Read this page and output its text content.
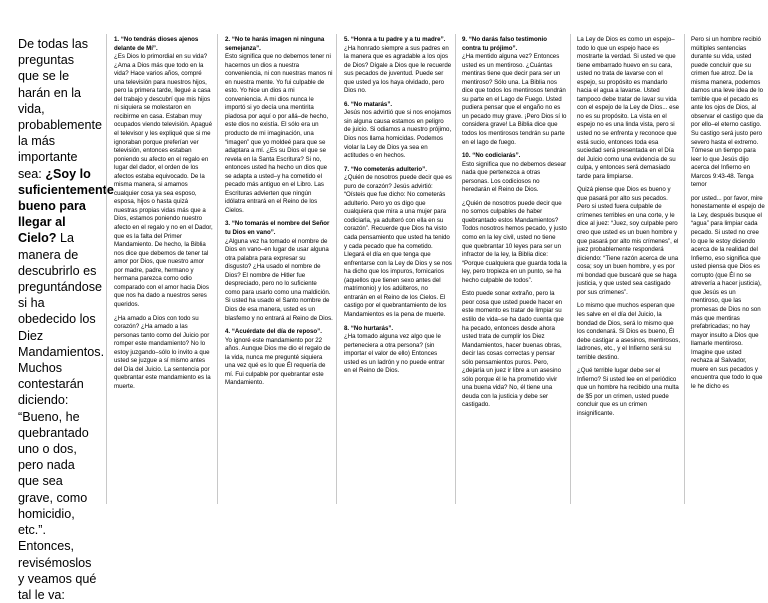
De todas las preguntas que se le harán en la vida, probablemente la más importante sea: ¿Soy lo suficientemente bueno para llegar al Cielo? La manera de descubrirlo es preguntándose si ha obedecido los Diez Mandamientos. Muchos contestarán diciendo: “Bueno, he quebrantado uno o dos, pero nada que sea grave, como homicidio, etc.”. Entonces, revisémoslos y veamos qué tal le va:
1. “No tendrás dioses ajenos delante de Mí”.

¿Es Dios lo primordial en su vida? ¿Ama a Dios más que todo en la vida? Hace varios años, compré una televisión para nuestros hijos, pero la primera tarde, llegué a casa del trabajo y descubrí que mis hijos ni siquiera se molestaron en recibirme en casa. Estaban muy ocupados viendo televisión. Apagué el televisor y les expliqué que si me ignoraban porque preferían ver televisión, entonces estaban poniendo su afecto en el regalo en lugar del dador, el orden de los afectos estaba equivocado. De la misma manera, si amamos cualquier cosa ya sea esposo, esposa, hijos o hasta quizá nuestras propias vidas más que a Dios, estamos poniendo nuestro afecto en el regalo y no en el Dador, que es la falta del Primer Mandamiento. De hecho, la Biblia nos dice que debemos de tener tal amor por Dios, que nuestro amor por madre, padre, hermano y hermana parezca como odio comparado con el amor hacia Dios que nos ha dado a nuestros seres queridos.

¿Ha amado a Dios con todo su corazón? ¿Ha amado a las personas tanto como del Juicio por romper este mandamiento? No lo estoy juzgando–sólo lo invito a que usted se juzgue a sí mismo antes del Día del Juicio. La sentencia por quebrantar este mandamiento es la muerte.

2. “No te harás imagen ni ninguna semejanza”.

Esto significa que no debemos tener ni hacernos un dios a nuestra conveniencia, ni con nuestras manos ni en nuestra mente. Yo fui culpable de esto. Yo hice un dios a mi conveniencia. A mi dios nunca le importó si yo decía una mentirita piadosa por aquí o por allá–de hecho, este dios no existía. El sólo era un producto de mi imaginación, una “imagen” que yo moldeé para que se adaptara a mí. ¿Es su Dios el que se revela en la Santa Escritura? Si no, entonces usted ha hecho un dios que se adapta a usted–y ha cometido el pecado más antiguo en el Libro. Las Escrituras advierten que ningún idólatra entrará en el Reino de los Cielos.

3. “No tomarás el nombre del Señor tu Dios en vano”.

¿Alguna vez ha tomado el nombre de Dios en vano–en lugar de usar alguna otra palabra para expresar su disgusto? ¿Ha usado el nombre de Dios? El nombre de Hitler fue despreciado, pero no lo suficiente como para usarlo como una maldición. Si usted ha usado el Santo nombre de Dios de esa manera, usted es un blasfemo y no entrará al Reino de Dios.

4. “Acuérdate del día de reposo”.

Yo ignoré este mandamiento por 22 años. Aunque Dios me dio el regalo de la vida, nunca me pregunté siquiera una vez qué es lo que Él requería de mí. Fui culpable por quebrantar este Mandamiento.

5. “Honra a tu padre y a tu madre”.

¿Ha honrado siempre a sus padres en la manera que es agradable a los ojos de Dios? Dígale a Dios que le recuerde sus pecados de juventud. Puede ser que usted ya los haya olvidado, pero Dios no.

6. “No matarás”.

Jesús nos advirtió que si nos enojamos sin alguna causa estamos en peligro de juicio. Si odiamos a nuestro prójimo, Dios nos llama homicidas. Podemos violar la Ley de Dios ya sea en actitudes o en hechos.

7. “No cometerás adulterio”.

¿Quién de nosotros puede decir que es puro de corazón? Jesús advirtió: “Oísteis que fue dicho: No cometerás adulterio. Pero yo os digo que cualquiera que mira a una mujer para codiciarla, ya adulteró con ella en su corazón”. Recuerde que Dios ha visto cada pensamiento que usted ha tenido y cada pecado que ha cometido. Llegará el día en que tenga que enfrentarse con la Ley de Dios y se nos ha dicho que los impuros, fornicarios (aquellos que tienen sexo antes del matrimonio) y los adúlteros, no entrarán en el Reino de los Cielos. El castigo por el quebrantamiento de los Mandamientos es la pena de muerte.

8. “No hurtarás”.

¿Ha tomado alguna vez algo que le perteneciera a otra persona? (sin importar el valor de ello) Entonces usted es un ladrón y no puede entrar en el Reino de Dios.

9. “No darás falso testimonio contra tu prójimo”.

¿Ha mentido alguna vez? Entonces usted es un mentiroso. ¿Cuántas mentiras tiene que decir para ser un mentiroso? Sólo una. La Biblia nos dice que todos los mentirosos tendrán su parte en el Lago de Fuego. Usted pudiera pensar que el engaño no es un pecado muy grave. ¡Pero Dios sí lo considera grave! La Biblia dice que todos los mentirosos tendrán su parte en el lago de fuego.

10. “No codiciarás”.

Esto significa que no debemos desear nada que pertenezca a otras personas. Los codiciosos no heredarán el Reino de Dios.

¿Quién de nosotros puede decir que no somos culpables de haber quebrantado estos Mandamientos? Todos nosotros hemos pecado, y justo como en la ley civil, usted no tiene que quebrantar 10 leyes para ser un infractor de la ley, la Biblia dice: “Porque cualquiera que guarda toda la ley, pero tropieza en un punto, se ha hecho culpable de todos”.

Esto puede sonar extraño, pero la peor cosa que usted puede hacer en este momento es tratar de limpiar su estilo de vida–se ha dado cuenta que ha pecado, entonces desde ahora usted trata de cumplir los Diez Mandamientos, hacer buenas obras, decir las cosas correctas y pensar sólo pensamientos puros. Pero, ¿dejaría un juez ir libre a un asesino sólo porque él le ha prometido vivir una buena vida? No, él tiene una deuda con la justicia y debe ser castigado.

La Ley de Dios es como un espejo–todo lo que un espejo hace es mostrarte la verdad. Si usted ve que tiene embarrado huevo en su cara, usted no trata de lavarse con el espejo, su propósito es mandarlo hacia el agua a lavarse. Usted tampoco debe tratar de lavar su vida con el espejo de la Ley de Dios... ese no es su propósito. La vista en el espejo no es una linda vista, pero si usted no se enfrenta y reconoce que está sucio, entonces toda esa suciedad será presentada en el Día del Juicio como una evidencia de su culpa, y entonces será demasiado tarde para limpiarse.

Quizá piense que Dios es bueno y que pasará por alto sus pecados. Pero si usted fuera culpable de crímenes terribles en una corte, y le dice al juez: “Juez, soy culpable pero creo que usted es un buen hombre y que pasará por alto mis crímenes”, el juez probablemente responderá diciendo: “Tiene razón acerca de una cosa; soy un buen hombre, y es por mi bondad que buscaré que se haga justicia, y que usted sea castigado por sus crímenes”.

Lo mismo que muchos esperan que les salve en el día del Juicio, la bondad de Dios, será lo mismo que los condenará. Si Dios es bueno, Él debe castigar a asesinos, mentirosos, ladrones, etc., y el Infierno será su terrible destino.

¿Qué terrible lugar debe ser el Infierno? Si usted lee en el periódico que un hombre ha recibido una multa de $5 por un crimen, usted puede concluir que es un crimen insignificante.

Pero si un hombre recibió múltiples sentencias durante su vida, usted puede concluir que su crimen fue atroz. De la misma manera, podemos darnos una leve idea de lo terrible que el pecado es ante los ojos de Dios, al observar el castigo que da por ello–el eterno castigo. Su castigo será justo pero severo hasta el extremo. Tómese un tiempo para leer lo que Jesús dijo acerca del Infierno en Marcos 9:43-48. Tenga temor

por usted... por favor, mire honestamente el espejo de la Ley, después busque el “agua” para limpiar cada pecado. Si usted no cree lo que le estoy diciendo acerca de la realidad del Infierno, eso significa que usted piensa que Dios es corrupto (que Él no se atrevería a hacer justicia), que Jesús es un mentiroso, que las promesas de Dios no son más que mentiras prefabricadas; no hay mayor insulto a Dios que llamarle mentiroso. Imagine que usted rechaza al Salvador, muere en sus pecados y encuentra que todo lo que le he dicho es
